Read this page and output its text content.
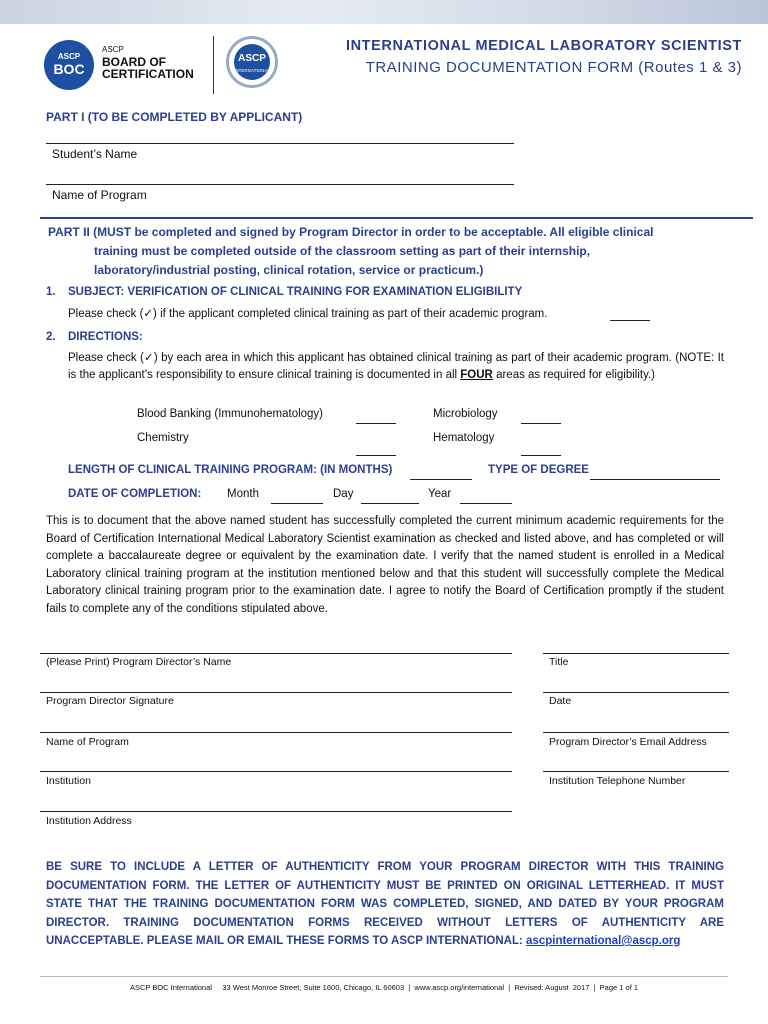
ASCP
BOC
ASCP
BOARD OF
CERTIFICATION
ASCP
INTERNATIONAL
INTERNATIONAL MEDICAL LABORATORY SCIENTIST
TRAINING DOCUMENTATION FORM (Routes 1 & 3)
PART I (TO BE COMPLETED BY APPLICANT)
Student’s Name
Name of Program
PART II (MUST be completed and signed by Program Director in order to be acceptable. All eligible clinical
training must be completed outside of the classroom setting as part of their internship,
laboratory/industrial posting, clinical rotation, service or practicum.)
1. SUBJECT: VERIFICATION OF CLINICAL TRAINING FOR EXAMINATION ELIGIBILITY
Please check (✓) if the applicant completed clinical training as part of their academic program.
2. DIRECTIONS:
Please check (✓) by each area in which this applicant has obtained clinical training as part of their academic program. (NOTE: It is the applicant’s responsibility to ensure clinical training is documented in all FOUR areas as required for eligibility.)
Blood Banking (Immunohematology)	Microbiology
Chemistry	Hematology
LENGTH OF CLINICAL TRAINING PROGRAM: (IN MONTHS)	TYPE OF DEGREE
DATE OF COMPLETION: Month	Day	Year
This is to document that the above named student has successfully completed the current minimum academic requirements for the Board of Certification International Medical Laboratory Scientist examination as checked and listed above, and has completed or will complete a baccalaureate degree or equivalent by the examination date. I verify that the named student is enrolled in a Medical Laboratory clinical training program at the institution mentioned below and that this student will successfully complete the Medical Laboratory clinical training program prior to the examination date. I agree to notify the Board of Certification promptly if the student fails to complete any of the conditions stipulated above.
(Please Print) Program Director’s Name	Title
Program Director Signature	Date
Name of Program	Program Director’s Email Address
Institution	Institution Telephone Number
Institution Address
BE SURE TO INCLUDE A LETTER OF AUTHENTICITY FROM YOUR PROGRAM DIRECTOR WITH THIS TRAINING DOCUMENTATION FORM. THE LETTER OF AUTHENTICITY MUST BE PRINTED ON ORIGINAL LETTERHEAD. IT MUST STATE THAT THE TRAINING DOCUMENTATION FORM WAS COMPLETED, SIGNED, AND DATED BY YOUR PROGRAM DIRECTOR. TRAINING DOCUMENTATION FORMS RECEIVED WITHOUT LETTERS OF AUTHENTICITY ARE UNACCEPTABLE. PLEASE MAIL OR EMAIL THESE FORMS TO ASCP INTERNATIONAL: ascpinternational@ascp.org
ASCP BOC International     33 West Monroe Street, Suite 1600, Chicago, IL 60603  |  www.ascp.org/international  |  Revised: August  2017  |  Page 1 of 1
